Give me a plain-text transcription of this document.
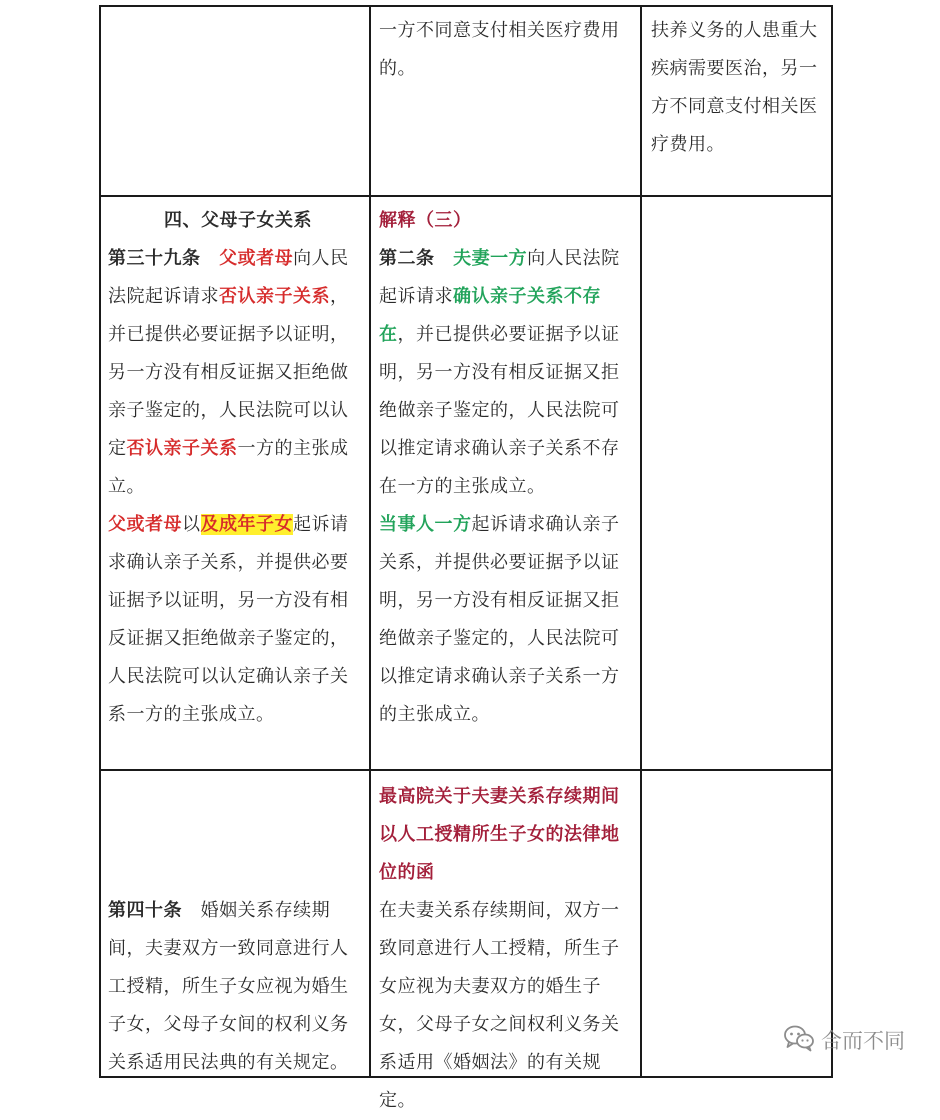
一方不同意支付相关医疗费用

的。

扶养义务的人患重大

疾病需要医治，另一

方不同意支付相关医

疗费用。

四、父母子女关系

第三十九条 父或者母向人民

法院起诉请求否认亲子关系，

并已提供必要证据予以证明，

另一方没有相反证据又拒绝做

亲子鉴定的，人民法院可以认

定否认亲子关系一方的主张成

立。

父或者母以及成年子女起诉请

求确认亲子关系，并提供必要

证据予以证明，另一方没有相

反证据又拒绝做亲子鉴定的，

人民法院可以认定确认亲子关

系一方的主张成立。

解释（三）

第二条 夫妻一方向人民法院

起诉请求确认亲子关系不存

在，并已提供必要证据予以证

明，另一方没有相反证据又拒

绝做亲子鉴定的，人民法院可

以推定请求确认亲子关系不存

在一方的主张成立。

当事人一方起诉请求确认亲子

关系，并提供必要证据予以证

明，另一方没有相反证据又拒

绝做亲子鉴定的，人民法院可

以推定请求确认亲子关系一方

的主张成立。

第四十条 婚姻关系存续期

间，夫妻双方一致同意进行人

工授精，所生子女应视为婚生

子女，父母子女间的权利义务

关系适用民法典的有关规定。

最高院关于夫妻关系存续期间

以人工授精所生子女的法律地

位的函

在夫妻关系存续期间，双方一

致同意进行人工授精，所生子

女应视为夫妻双方的婚生子

女，父母子女之间权利义务关

系适用《婚姻法》的有关规定。

合而不同
